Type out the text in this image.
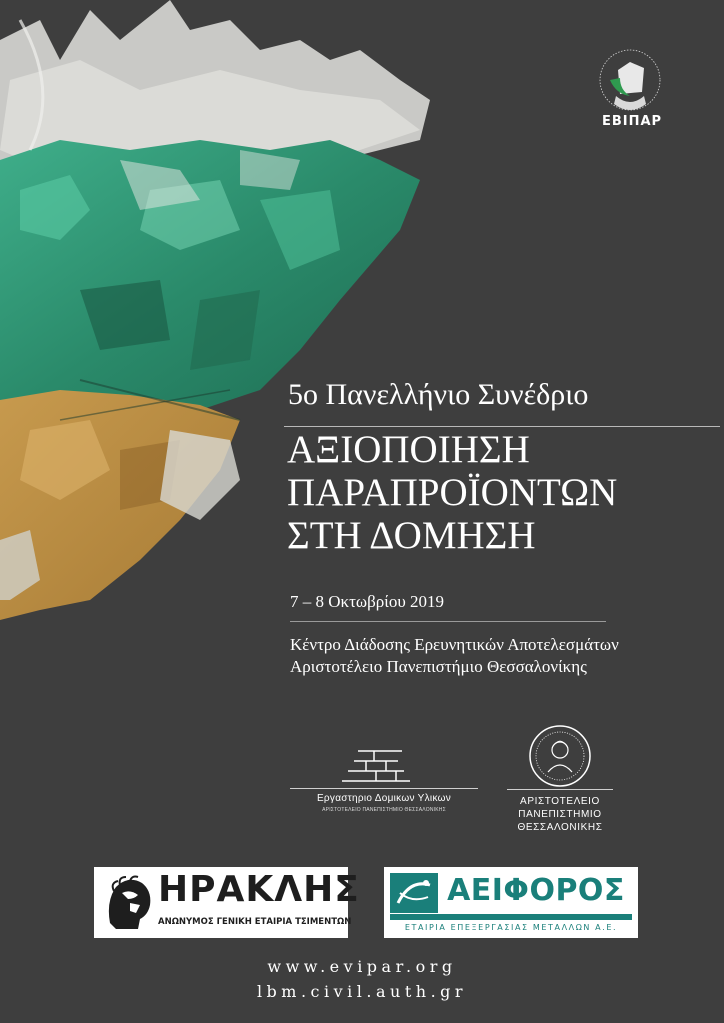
ΕΒΙΠΑΡ
5ο Πανελλήνιο Συνέδριο
ΑΞΙΟΠΟΙΗΣΗ
ΠΑΡΑΠΡΟΪΟΝΤΩΝ
ΣΤΗ ΔΟΜΗΣΗ
7 – 8 Οκτωβρίου 2019
Κέντρο Διάδοσης Ερευνητικών Αποτελεσμάτων
Αριστοτέλειο Πανεπιστήμιο Θεσσαλονίκης
Εργαστηριο Δομικων Υλικων
ΑΡΙΣΤΟΤΕΛΕΙΟ ΠΑΝΕΠΙΣΤΗΜΙΟ ΘΕΣΣΑΛΟΝΙΚΗΣ
ΑΡΙΣΤΟΤΕΛΕΙΟ
ΠΑΝΕΠΙΣΤΗΜΙΟ
ΘΕΣΣΑΛΟΝΙΚΗΣ
ΗΡΑΚΛΗΣ
ΑΝΩΝΥΜΟΣ ΓΕΝΙΚΗ ΕΤΑΙΡΙΑ ΤΣΙΜΕΝΤΩΝ
ΑΕΙΦΟΡΟΣ
ΕΤΑΙΡΙΑ ΕΠΕΞΕΡΓΑΣΙΑΣ ΜΕΤΑΛΛΩΝ Α.Ε.
www.evipar.org
lbm.civil.auth.gr
